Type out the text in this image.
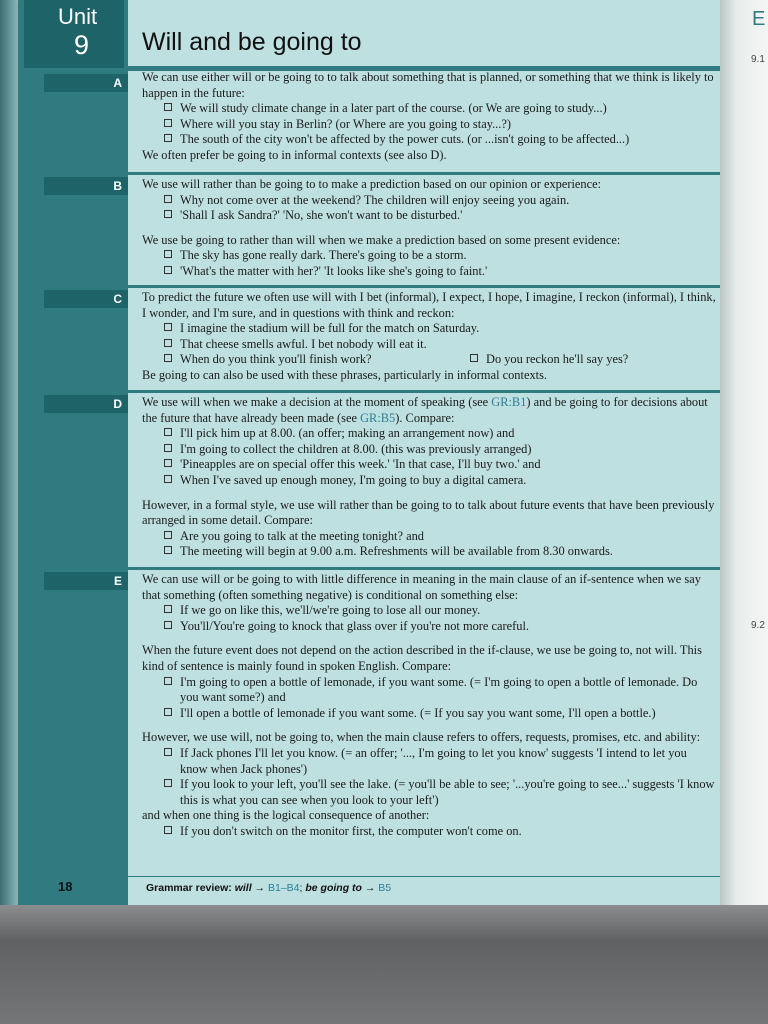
Unit
9 Will and be going to
A	We can use either will or be going to to talk about something that is planned, or something that we think is likely to happen in the future:

We will study climate change in a later part of the course. (or We are going to study...)

Where will you stay in Berlin? (or Where are you going to stay...?)

The south of the city won't be affected by the power cuts. (or ...isn't going to be affected...)

We often prefer be going to in informal contexts (see also D).

B	We use will rather than be going to to make a prediction based on our opinion or experience:

Why not come over at the weekend? The children will enjoy seeing you again.

'Shall I ask Sandra?' 'No, she won't want to be disturbed.'

We use be going to rather than will when we make a prediction based on some present evidence:

The sky has gone really dark. There's going to be a storm.

'What's the matter with her?' 'It looks like she's going to faint.'

C	To predict the future we often use will with I bet (informal), I expect, I hope, I imagine, I reckon (informal), I think, I wonder, and I'm sure, and in questions with think and reckon:

I imagine the stadium will be full for the match on Saturday.

That cheese smells awful. I bet nobody will eat it.

When do you think you'll finish work?	Do you reckon he'll say yes?

Be going to can also be used with these phrases, particularly in informal contexts.

D	We use will when we make a decision at the moment of speaking (see GR:B1) and be going to for decisions about the future that have already been made (see GR:B5). Compare:

I'll pick him up at 8.00. (an offer; making an arrangement now) and

I'm going to collect the children at 8.00. (this was previously arranged)

'Pineapples are on special offer this week.' 'In that case, I'll buy two.' and

When I've saved up enough money, I'm going to buy a digital camera.

However, in a formal style, we use will rather than be going to to talk about future events that have been previously arranged in some detail. Compare:

Are you going to talk at the meeting tonight? and

The meeting will begin at 9.00 a.m. Refreshments will be available from 8.30 onwards.

E	We can use will or be going to with little difference in meaning in the main clause of an if-sentence when we say that something (often something negative) is conditional on something else:

If we go on like this, we'll/we're going to lose all our money.

You'll/You're going to knock that glass over if you're not more careful.

When the future event does not depend on the action described in the if-clause, we use be going to, not will. This kind of sentence is mainly found in spoken English. Compare:

I'm going to open a bottle of lemonade, if you want some. (= I'm going to open a bottle of lemonade. Do you want some?) and

I'll open a bottle of lemonade if you want some. (= If you say you want some, I'll open a bottle.)

However, we use will, not be going to, when the main clause refers to offers, requests, promises, etc. and ability:

If Jack phones I'll let you know. (= an offer; '..., I'm going to let you know' suggests 'I intend to let you know when Jack phones')

If you look to your left, you'll see the lake. (= you'll be able to see; '...you're going to see...' suggests 'I know this is what you can see when you look to your left')

and when one thing is the logical consequence of another:

If you don't switch on the monitor first, the computer won't come on.

18	Grammar review: will → B1–B4; be going to → B5
E
9.1
9.2
